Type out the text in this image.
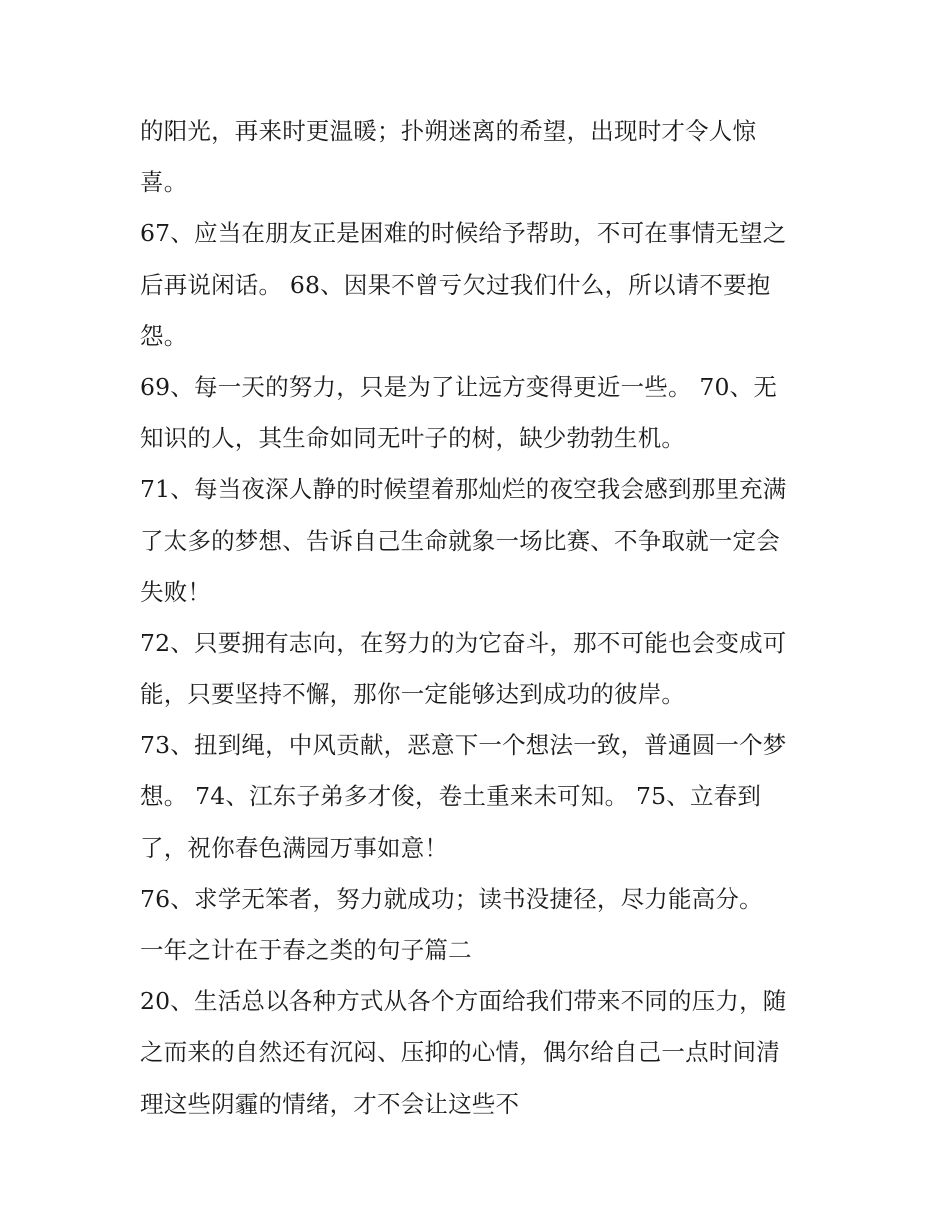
的阳光，再来时更温暖；扑朔迷离的希望，出现时才令人惊
喜。
67、应当在朋友正是困难的时候给予帮助，不可在事情无望之
后再说闲话。 68、因果不曾亏欠过我们什么，所以请不要抱
怨。
69、每一天的努力，只是为了让远方变得更近一些。 70、无
知识的人，其生命如同无叶子的树，缺少勃勃生机。
71、每当夜深人静的时候望着那灿烂的夜空我会感到那里充满
了太多的梦想、告诉自己生命就象一场比赛、不争取就一定会
失败！
72、只要拥有志向，在努力的为它奋斗，那不可能也会变成可
能，只要坚持不懈，那你一定能够达到成功的彼岸。
73、扭到绳，中风贡献，恶意下一个想法一致，普通圆一个梦
想。 74、江东子弟多才俊，卷土重来未可知。 75、立春到
了，祝你春色满园万事如意！
76、求学无笨者，努力就成功；读书没捷径，尽力能高分。
一年之计在于春之类的句子篇二
20、生活总以各种方式从各个方面给我们带来不同的压力，随
之而来的自然还有沉闷、压抑的心情，偶尔给自己一点时间清
理这些阴霾的情绪，才不会让这些不
